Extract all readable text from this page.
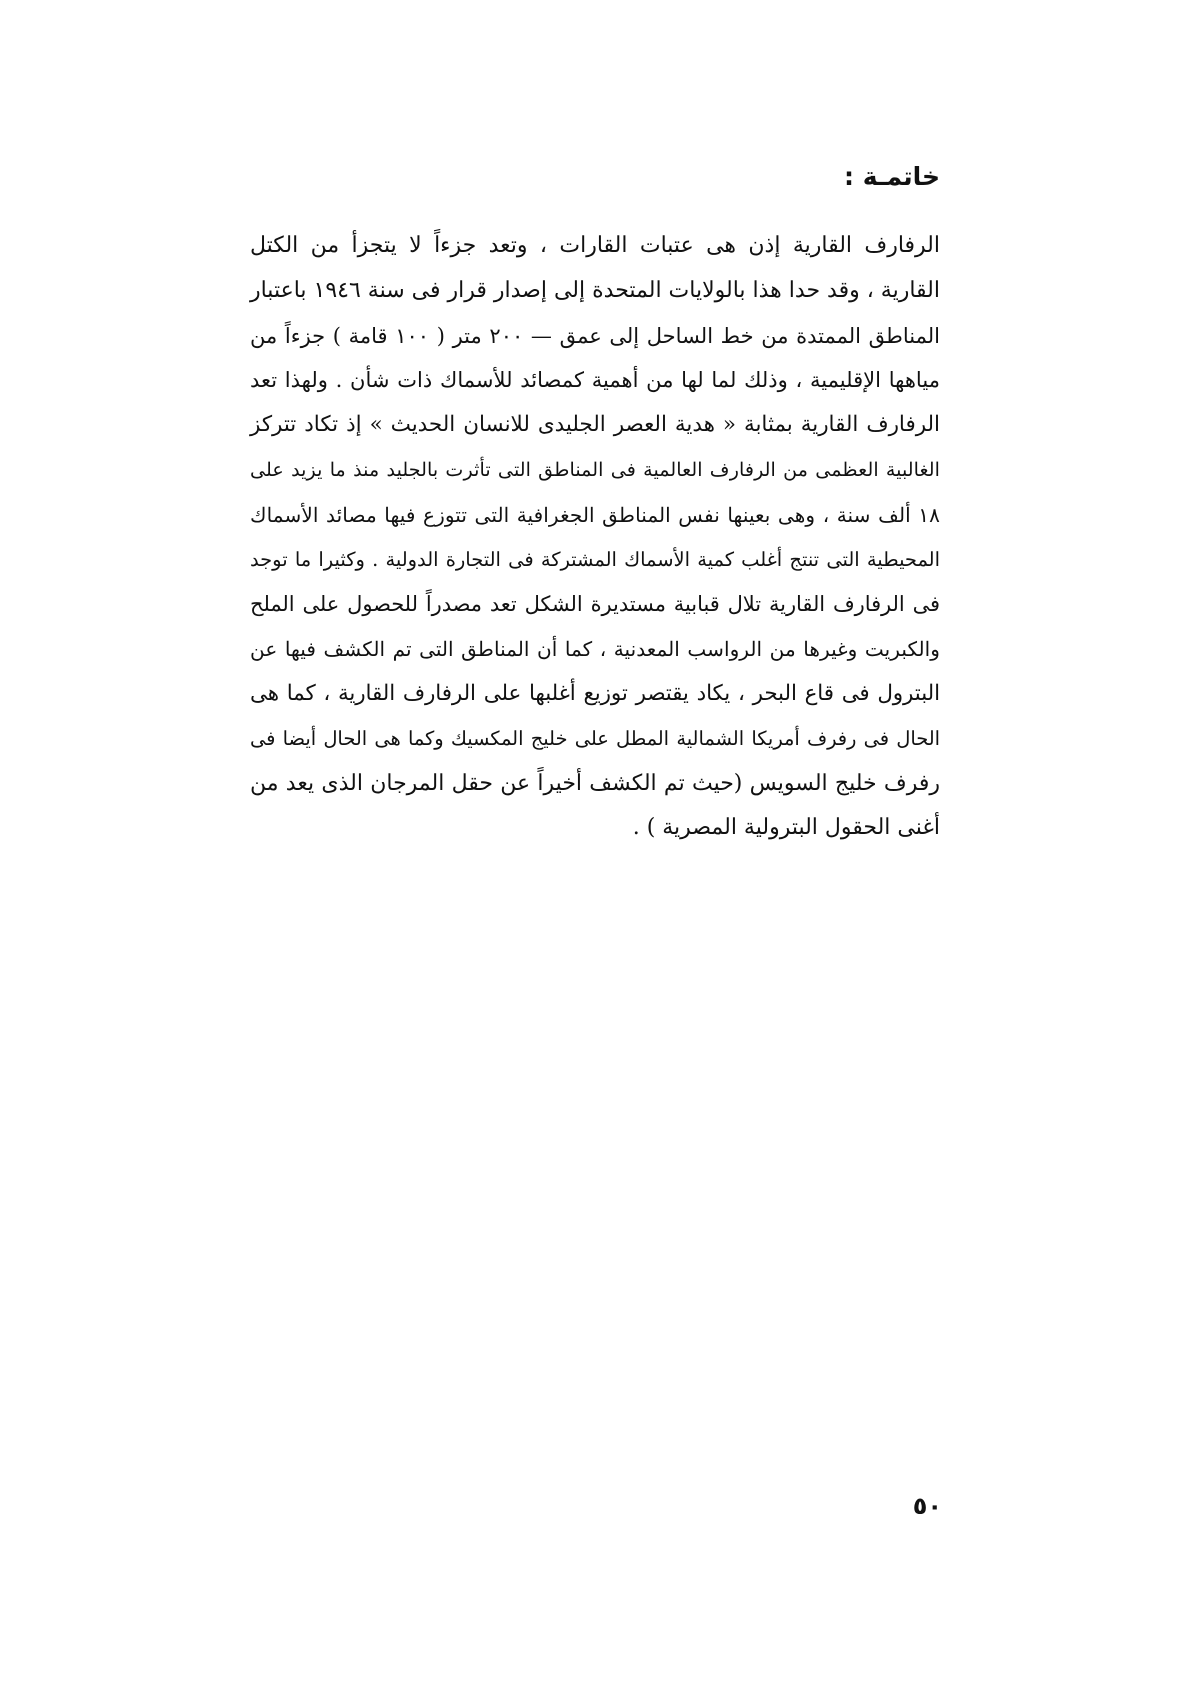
خاتمـة :
الرفارف القارية إذن هى عتبات القارات ، وتعد جزءاً لا يتجزأ من الكتل
القارية ، وقد حدا هذا بالولايات المتحدة إلى إصدار قرار فى سنة ١٩٤٦ باعتبار
المناطق الممتدة من خط الساحل إلى عمق — ٢٠٠ متر ( ١٠٠ قامة ) جزءاً من
مياهها الإقليمية ، وذلك لما لها من أهمية كمصائد للأسماك ذات شأن . ولهذا تعد
الرفارف القارية بمثابة « هدية العصر الجليدى للانسان الحديث » إذ تكاد تتركز
الغالبية العظمى من الرفارف العالمية فى المناطق التى تأثرت بالجليد منذ ما يزيد على
١٨ ألف سنة ، وهى بعينها نفس المناطق الجغرافية التى تتوزع فيها مصائد الأسماك
المحيطية التى تنتج أغلب كمية الأسماك المشتركة فى التجارة الدولية . وكثيرا ما توجد
فى الرفارف القارية تلال قبابية مستديرة الشكل تعد مصدراً للحصول على الملح
والكبريت وغيرها من الرواسب المعدنية ، كما أن المناطق التى تم الكشف فيها عن
البترول فى قاع البحر ، يكاد يقتصر توزيع أغلبها على الرفارف القارية ، كما هى
الحال فى رفرف أمريكا الشمالية المطل على خليج المكسيك وكما هى الحال أيضا فى
رفرف خليج السويس (حيث تم الكشف أخيراً عن حقل المرجان الذى يعد من
أغنى الحقول البترولية المصرية ) .
٥٠
